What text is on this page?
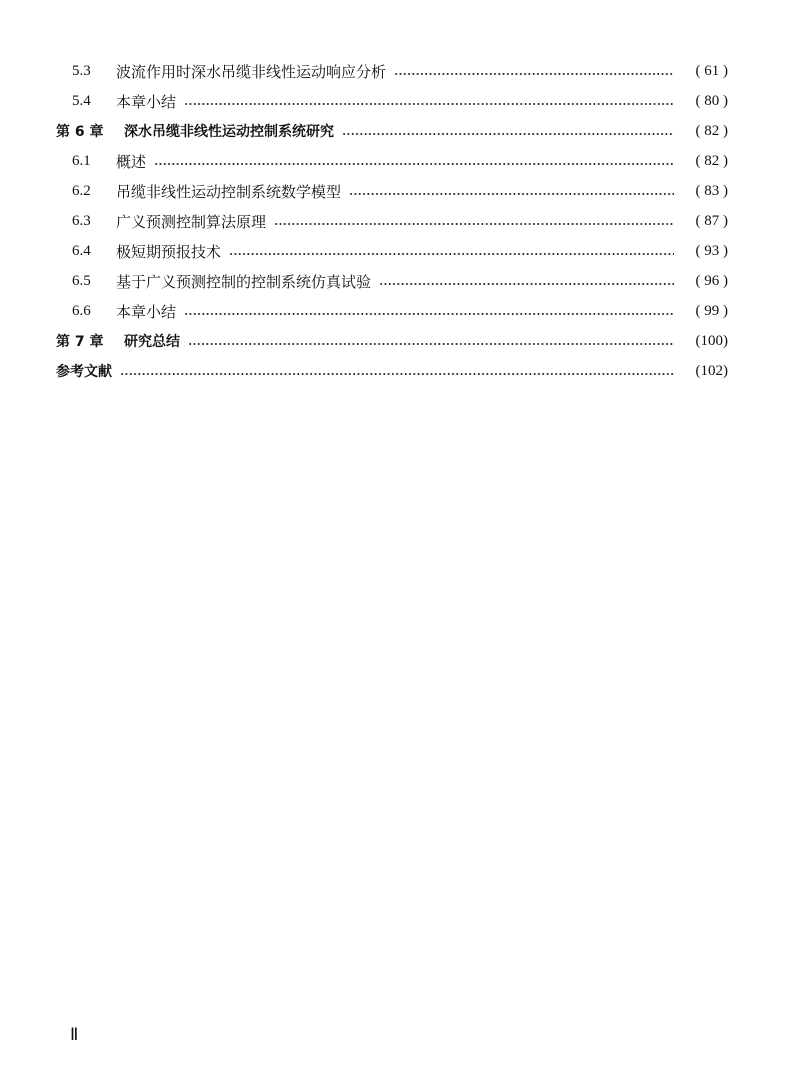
5.3	波流作用时深水吊缆非线性运动响应分析	( 61 )
5.4	本章小结	( 80 )
第 6 章	深水吊缆非线性运动控制系统研究	( 82 )
6.1	概述	( 82 )
6.2	吊缆非线性运动控制系统数学模型	( 83 )
6.3	广义预测控制算法原理	( 87 )
6.4	极短期预报技术	( 93 )
6.5	基于广义预测控制的控制系统仿真试验	( 96 )
6.6	本章小结	( 99 )
第 7 章	研究总结	(100)
参考文献	(102)
Ⅱ
